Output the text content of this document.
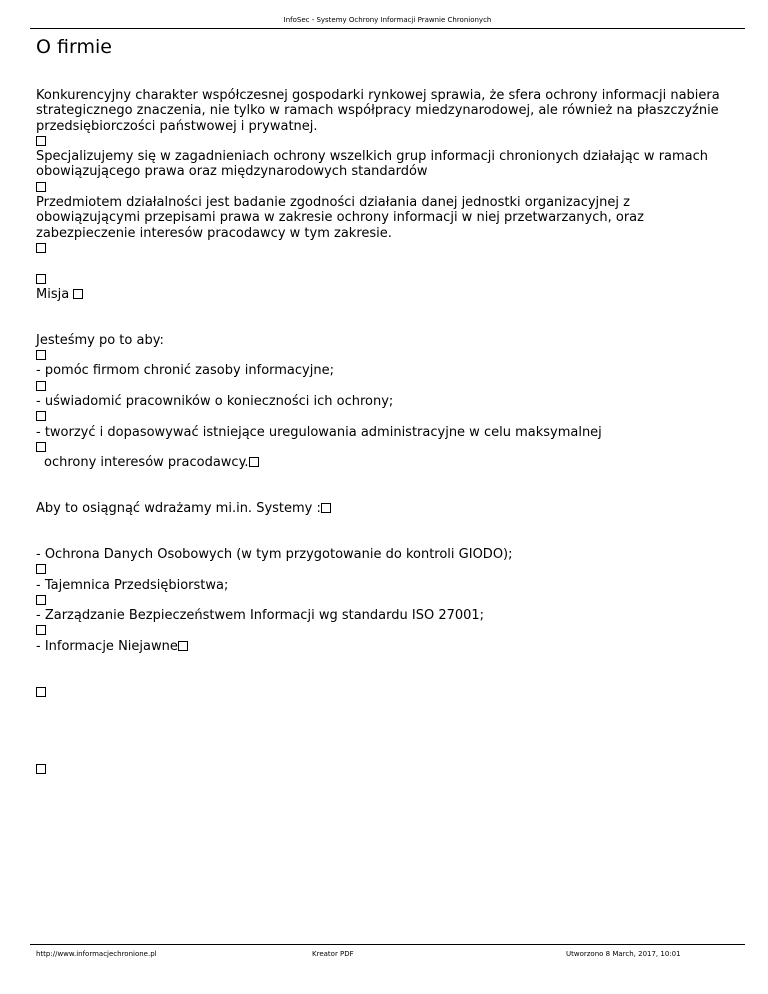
InfoSec - Systemy Ochrony Informacji Prawnie Chronionych
O firmie
Konkurencyjny charakter współczesnej gospodarki rynkowej sprawia, że sfera ochrony informacji nabiera
strategicznego znaczenia, nie tylko w ramach współpracy miedzynarodowej, ale również na płaszczyźnie
przedsiębiorczości państwowej i prywatnej.
Specjalizujemy się w zagadnieniach ochrony wszelkich grup informacji chronionych działając w ramach
obowiązującego prawa oraz międzynarodowych standardów
Przedmiotem działalności jest badanie zgodności działania danej jednostki organizacyjnej z
obowiązującymi przepisami prawa w zakresie ochrony informacji w niej przetwarzanych, oraz
zabezpieczenie interesów pracodawcy w tym zakresie.
Misja
Jesteśmy po to aby:
- pomóc firmom chronić zasoby informacyjne;
- uświadomić pracowników o konieczności ich ochrony;
- tworzyć i dopasowywać istniejące uregulowania administracyjne w celu maksymalnej
ochrony interesów pracodawcy.
Aby to osiągnąć wdrażamy mi.in. Systemy :
- Ochrona Danych Osobowych (w tym przygotowanie do kontroli GIODO);
- Tajemnica Przedsiębiorstwa;
- Zarządzanie Bezpieczeństwem Informacji wg standardu ISO 27001;
- Informacje Niejawne
http://www.informacjechronione.pl	Kreator PDF	Utworzono 8 March, 2017, 10:01
